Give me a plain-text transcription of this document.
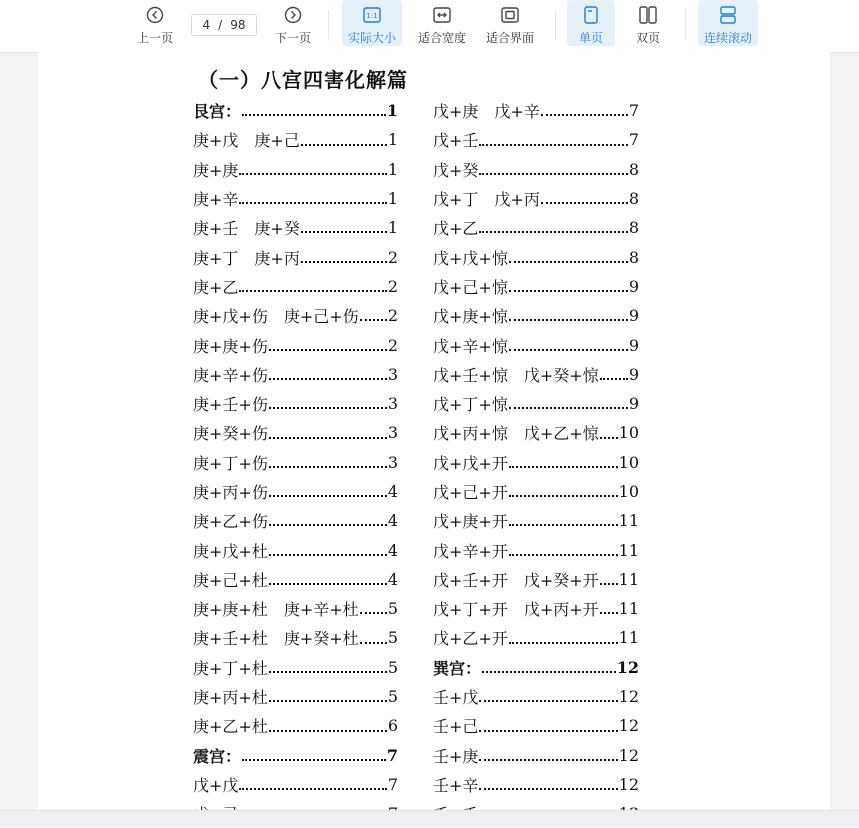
上一页
4 / 98
下一页
1:1
实际大小 适合宽度 适合界面	单页	双页	连续滚动
（一）八宫四害化解篇
艮宫：	1
庚+戊　庚+己	1
庚+庚	1
庚+辛	1
庚+壬　庚+癸	1
庚+丁　庚+丙	2
庚+乙	2
庚+戊+伤　庚+己+伤 2
庚+庚+伤	2
庚+辛+伤	3
庚+壬+伤	3
庚+癸+伤	3
庚+丁+伤	3
庚+丙+伤	4
庚+乙+伤	4
庚+戊+杜	4
庚+己+杜	4
庚+庚+杜　庚+辛+杜 5
庚+壬+杜　庚+癸+杜 5
庚+丁+杜	5
庚+丙+杜	5
庚+乙+杜	6
震宫：	7
戊+戊	7
戊+庚　戊+辛	7
戊+壬	7
戊+癸	8
戊+丁　戊+丙	8
戊+乙	8
戊+戊+惊	8
戊+己+惊	9
戊+庚+惊	9
戊+辛+惊	9
戊+壬+惊　戊+癸+惊 9
戊+丁+惊	9
戊+丙+惊　戊+乙+惊 10
戊+戊+开	10
戊+己+开	10
戊+庚+开	11
戊+辛+开	11
戊+壬+开　戊+癸+开 11
戊+丁+开　戊+丙+开 11
戊+乙+开	11
巽宫：	12
壬+戊	12
壬+己	12
壬+庚	12
壬+辛	12
